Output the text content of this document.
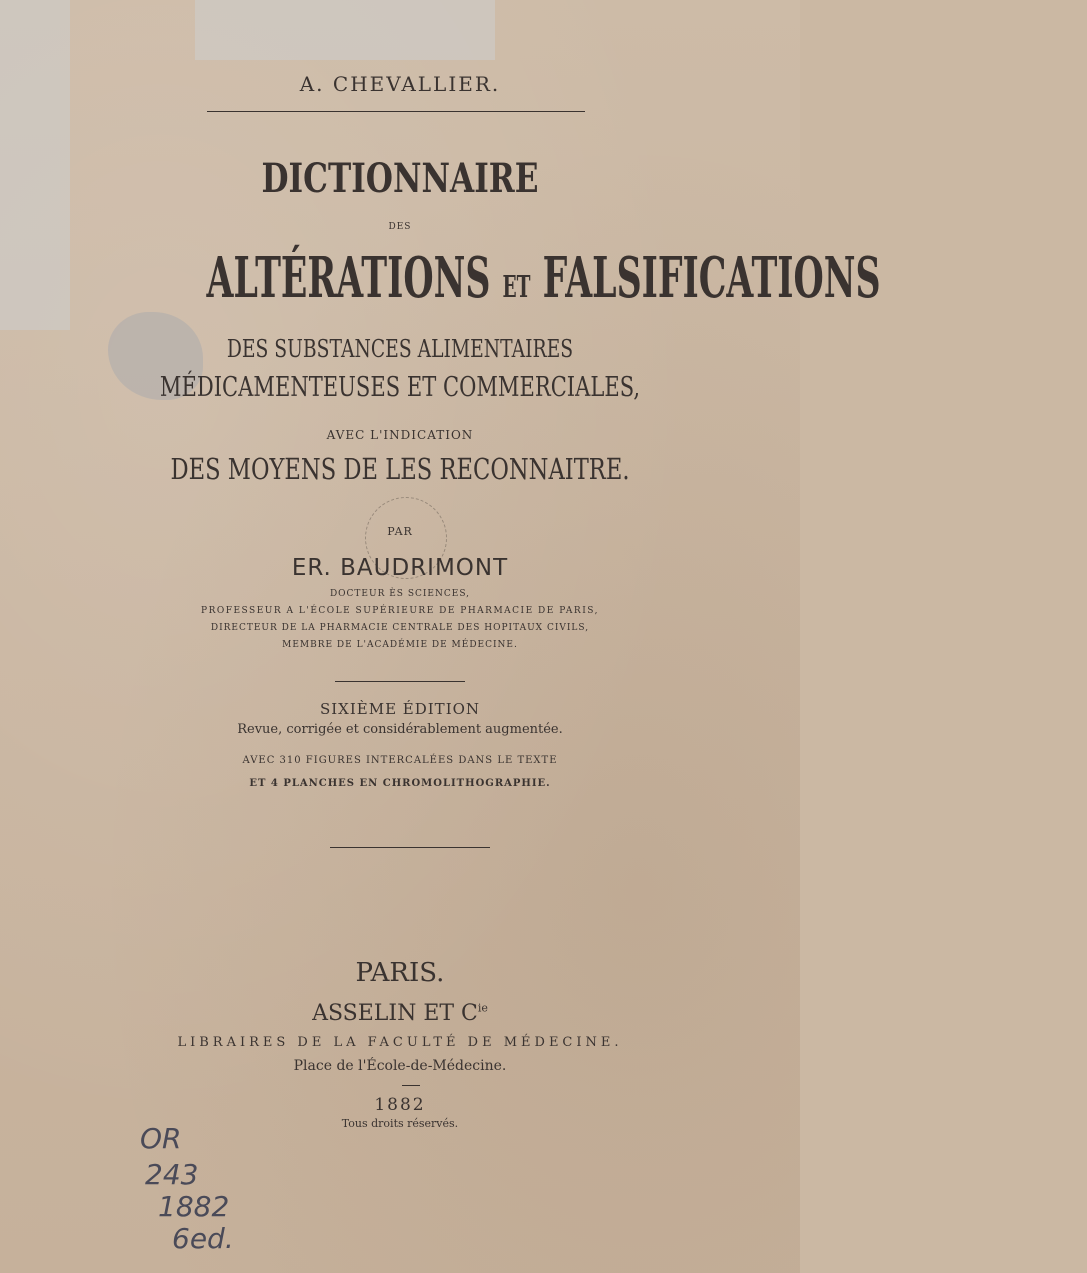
A. CHEVALLIER.
DICTIONNAIRE
DES
ALTÉRATIONS ET FALSIFICATIONS
DES SUBSTANCES ALIMENTAIRES
MÉDICAMENTEUSES ET COMMERCIALES,
AVEC L'INDICATION
DES MOYENS DE LES RECONNAITRE.
PAR
ER. BAUDRIMONT
DOCTEUR ÈS SCIENCES,
PROFESSEUR A L'ÉCOLE SUPÉRIEURE DE PHARMACIE DE PARIS,
DIRECTEUR DE LA PHARMACIE CENTRALE DES HOPITAUX CIVILS,
MEMBRE DE L'ACADÉMIE DE MÉDECINE.
SIXIÈME ÉDITION
Revue, corrigée et considérablement augmentée.
AVEC 310 FIGURES INTERCALÉES DANS LE TEXTE
ET 4 PLANCHES EN CHROMOLITHOGRAPHIE.
PARIS.
ASSELIN ET $C^{ie}$
LIBRAIRES DE LA FACULTÉ DE MÉDECINE.
Place de l'École-de-Médecine.
1882
Tous droits réservés.
OR
243
1882
6ed.
